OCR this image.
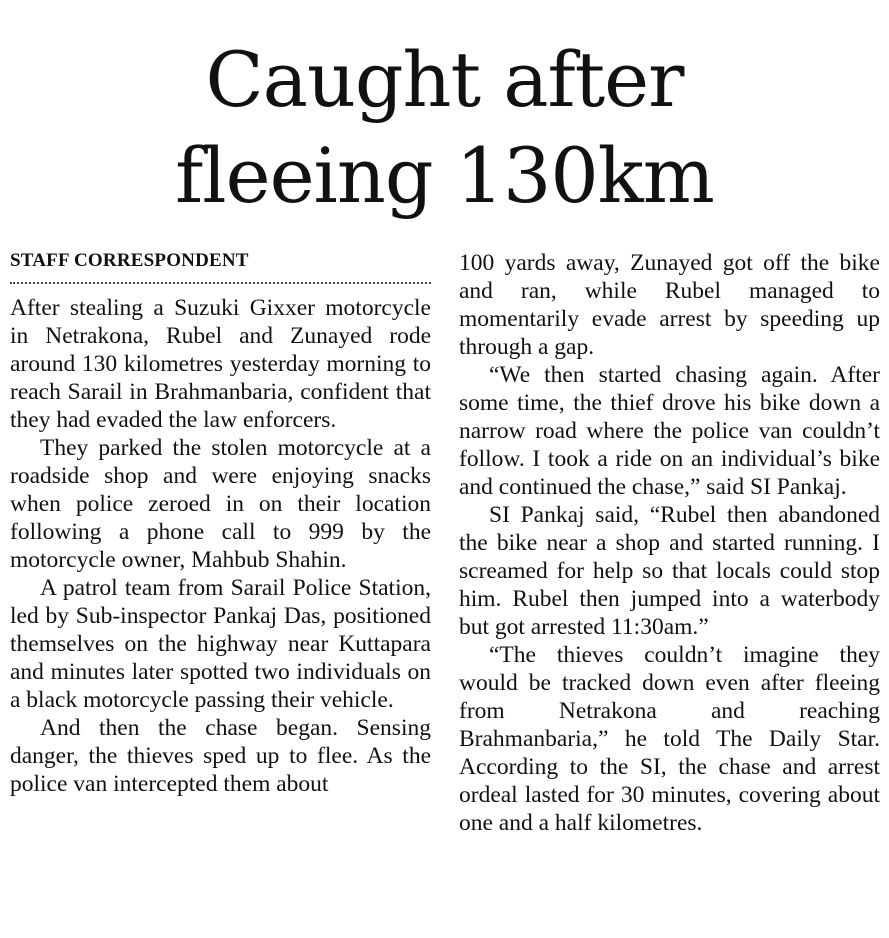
Caught after
fleeing 130km
STAFF CORRESPONDENT

After stealing a Suzuki Gixxer motorcycle in Netrakona, Rubel and Zunayed rode around 130 kilometres yesterday morning to reach Sarail in Brahmanbaria, confident that they had evaded the law enforcers.

They parked the stolen motorcycle at a roadside shop and were enjoying snacks when police zeroed in on their location following a phone call to 999 by the motorcycle owner, Mahbub Shahin.

A patrol team from Sarail Police Station, led by Sub-inspector Pankaj Das, positioned themselves on the highway near Kuttapara and minutes later spotted two individuals on a black motorcycle passing their vehicle.

And then the chase began. Sensing danger, the thieves sped up to flee. As the police van intercepted them about

100 yards away, Zunayed got off the bike and ran, while Rubel managed to momentarily evade arrest by speeding up through a gap.

“We then started chasing again. After some time, the thief drove his bike down a narrow road where the police van couldn’t follow. I took a ride on an individual’s bike and continued the chase,” said SI Pankaj.

SI Pankaj said, “Rubel then abandoned the bike near a shop and started running. I screamed for help so that locals could stop him. Rubel then jumped into a waterbody but got arrested 11:30am.”

“The thieves couldn’t imagine they would be tracked down even after fleeing from Netrakona and reaching Brahmanbaria,” he told The Daily Star. According to the SI, the chase and arrest ordeal lasted for 30 minutes, covering about one and a half kilometres.
